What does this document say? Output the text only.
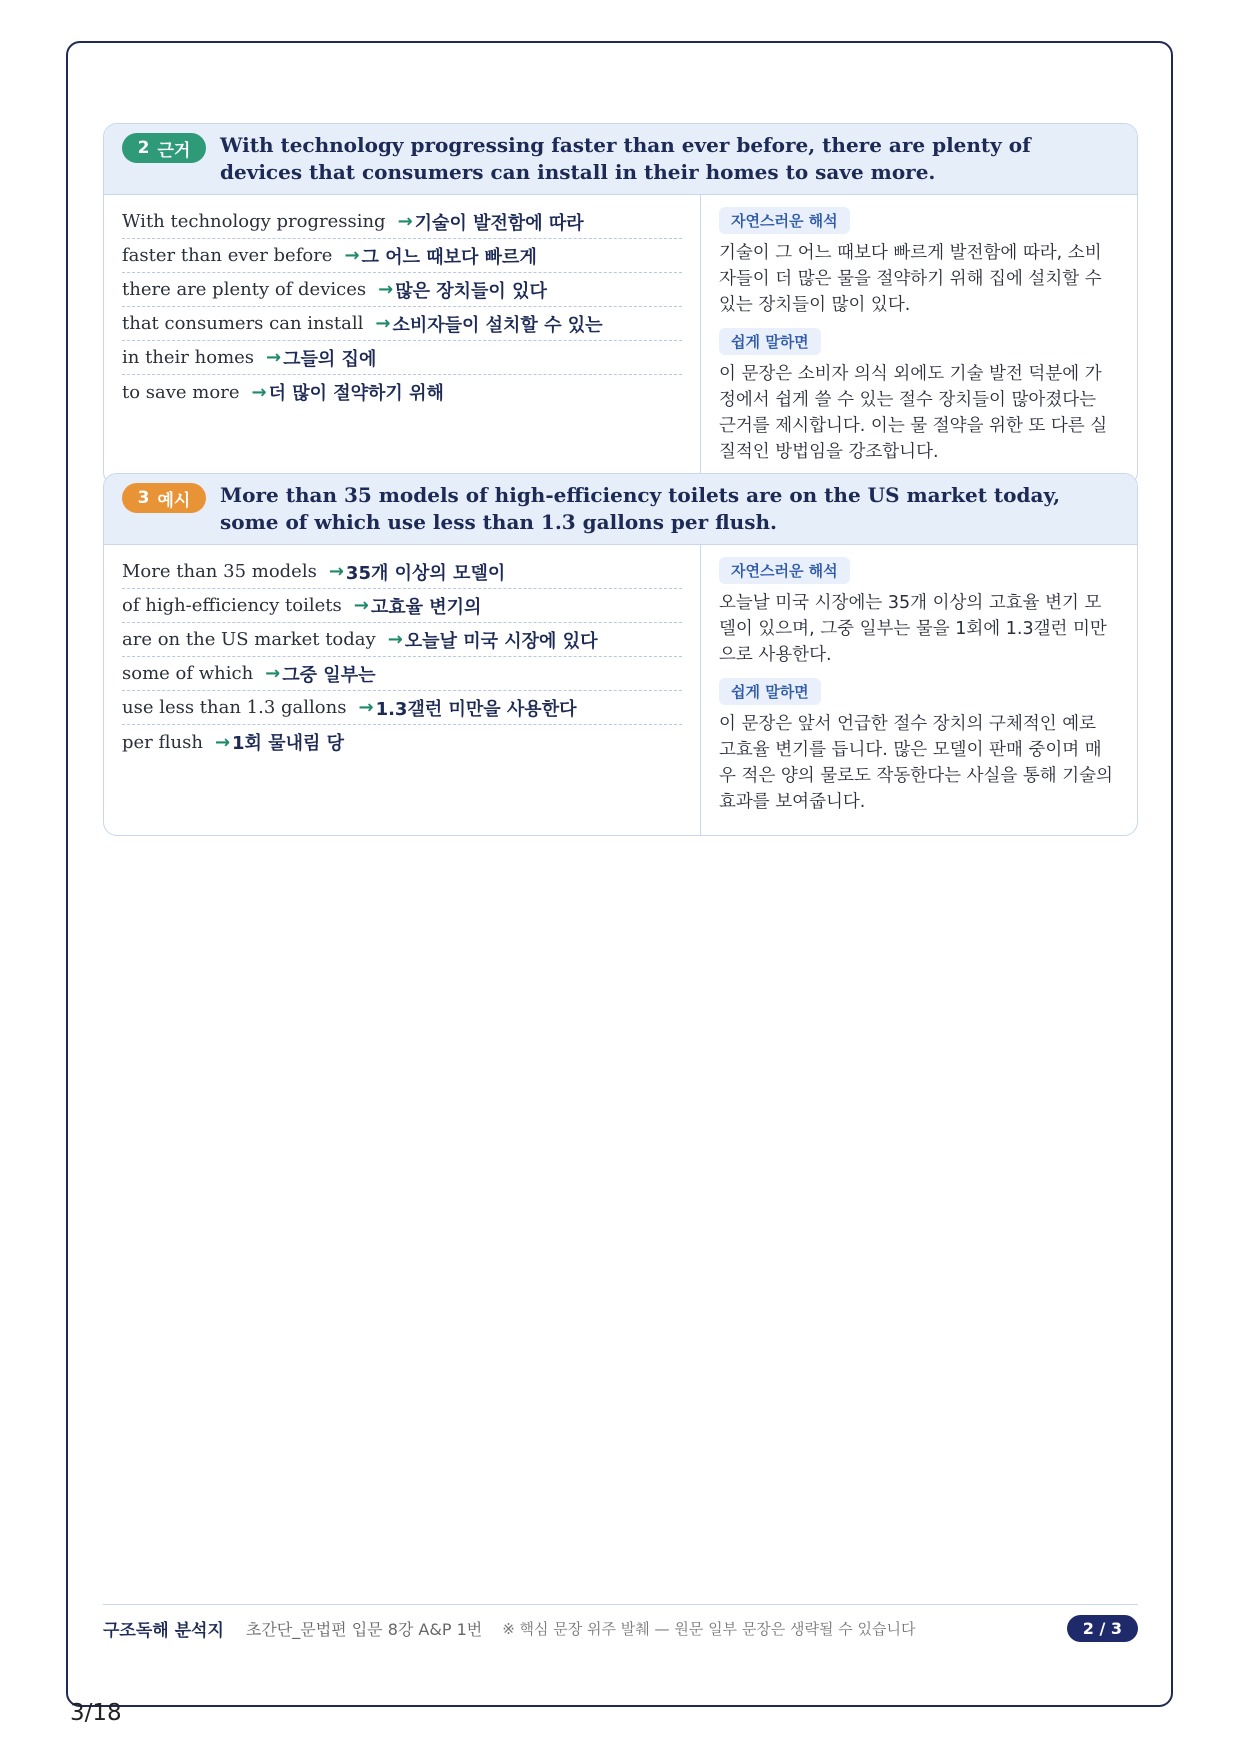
2 근거 With technology progressing faster than ever before, there are plenty of devices that consumers can install in their homes to save more.
With technology progressing → 기술이 발전함에 따라
faster than ever before → 그 어느 때보다 빠르게
there are plenty of devices → 많은 장치들이 있다
that consumers can install → 소비자들이 설치할 수 있는
in their homes → 그들의 집에
to save more → 더 많이 절약하기 위해
자연스러운 해석
기술이 그 어느 때보다 빠르게 발전함에 따라, 소비자들이 더 많은 물을 절약하기 위해 집에 설치할 수 있는 장치들이 많이 있다.
쉽게 말하면
이 문장은 소비자 의식 외에도 기술 발전 덕분에 가정에서 쉽게 쓸 수 있는 절수 장치들이 많아졌다는 근거를 제시합니다. 이는 물 절약을 위한 또 다른 실질적인 방법임을 강조합니다.
3 예시 More than 35 models of high-efficiency toilets are on the US market today, some of which use less than 1.3 gallons per flush.
More than 35 models → 35개 이상의 모델이
of high-efficiency toilets → 고효율 변기의
are on the US market today → 오늘날 미국 시장에 있다
some of which → 그중 일부는
use less than 1.3 gallons → 1.3갤런 미만을 사용한다
per flush → 1회 물내림 당
자연스러운 해석
오늘날 미국 시장에는 35개 이상의 고효율 변기 모델이 있으며, 그중 일부는 물을 1회에 1.3갤런 미만으로 사용한다.
쉽게 말하면
이 문장은 앞서 언급한 절수 장치의 구체적인 예로 고효율 변기를 듭니다. 많은 모델이 판매 중이며 매우 적은 양의 물로도 작동한다는 사실을 통해 기술의 효과를 보여줍니다.
구조독해 분석지 초간단_문법편 입문 8강 A&P 1번 ※ 핵심 문장 위주 발췌 — 원문 일부 문장은 생략될 수 있습니다	2 / 3
3/18
